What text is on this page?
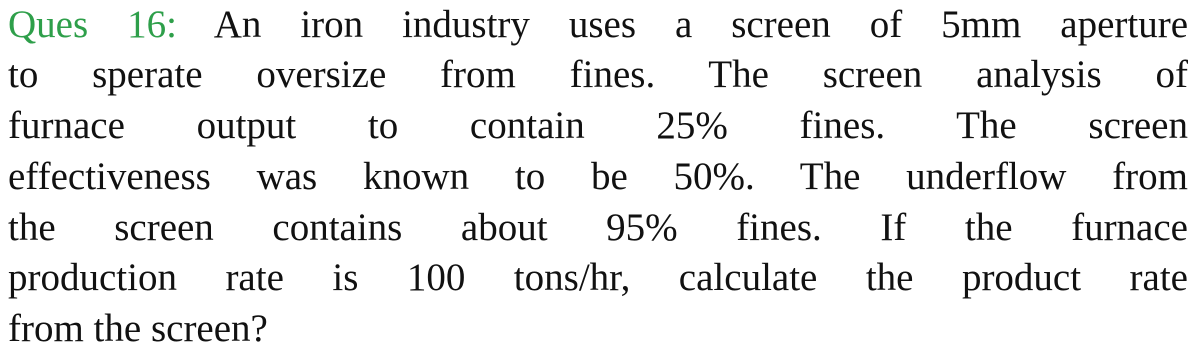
Ques 16: An iron industry uses a screen of 5mm aperture
to sperate oversize from fines. The screen analysis of
furnace output to contain 25% fines. The screen
effectiveness was known to be 50%. The underflow from
the screen contains about 95% fines. If the furnace
production rate is 100 tons/hr, calculate the product rate
from the screen?
